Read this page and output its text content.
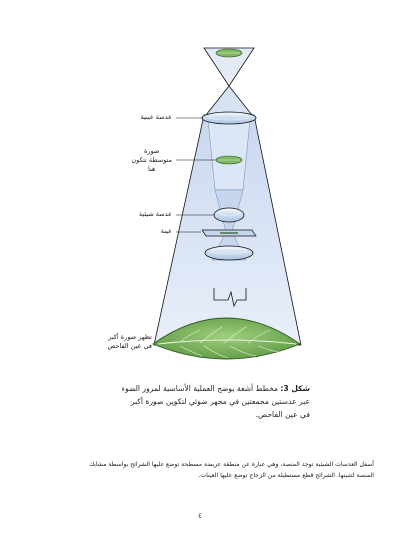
عدسة عينية
صورة
متوسطة تتكون
هنا
عدسة شيئية
عينة
تظهر صورة أكبر
في عين الفاحص
شكل 3: مخطط أشعة يوضح العملية الأساسية لمرور الضوء
عبر عدستين مجمعتين في مجهر ضوئي لتكوين صورة أكبر
في عين الفاحص.
أسفل العدسات الشيئية توجد المنصة، وهي عبارة عن منطقة عريضة مسطحة توضع عليها الشرائح بواسطة مشابك
المنصة لتثبيتها. الشرائح قطع مستطيلة من الزجاج توضع عليها العينات.
٤
